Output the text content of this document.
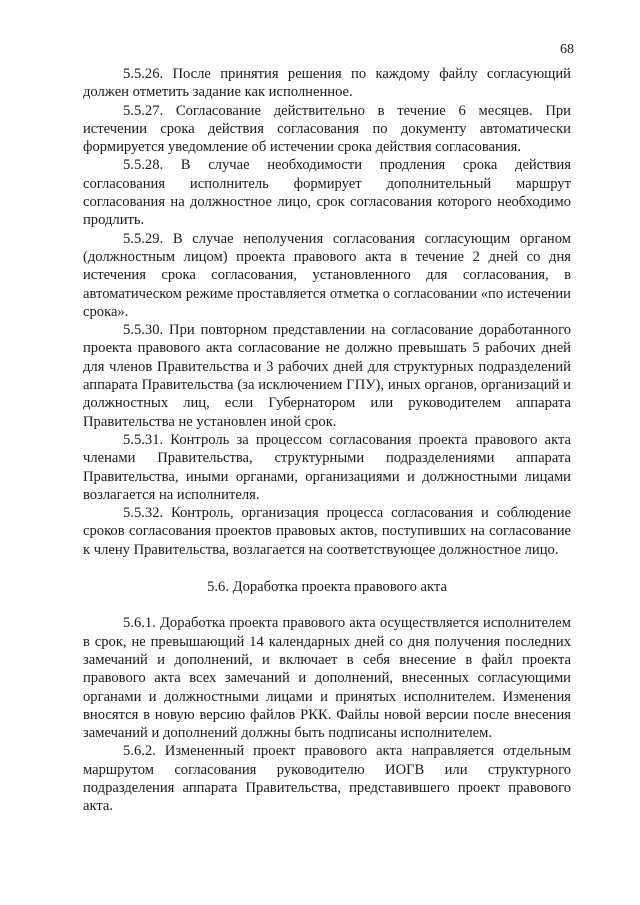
68

5.5.26. После принятия решения по каждому файлу согласующий должен отметить задание как исполненное.

5.5.27. Согласование действительно в течение 6 месяцев. При истечении срока действия согласования по документу автоматически формируется уведомление об истечении срока действия согласования.

5.5.28. В случае необходимости продления срока действия согласования исполнитель формирует дополнительный маршрут согласования на должностное лицо, срок согласования которого необходимо продлить.

5.5.29. В случае неполучения согласования согласующим органом (должностным лицом) проекта правового акта в течение 2 дней со дня истечения срока согласования, установленного для согласования, в автоматическом режиме проставляется отметка о согласовании «по истечении срока».

5.5.30. При повторном представлении на согласование доработанного проекта правового акта согласование не должно превышать 5 рабочих дней для членов Правительства и 3 рабочих дней для структурных подразделений аппарата Правительства (за исключением ГПУ), иных органов, организаций и должностных лиц, если Губернатором или руководителем аппарата Правительства не установлен иной срок.

5.5.31. Контроль за процессом согласования проекта правового акта членами Правительства, структурными подразделениями аппарата Правительства, иными органами, организациями и должностными лицами возлагается на исполнителя.

5.5.32. Контроль, организация процесса согласования и соблюдение сроков согласования проектов правовых актов, поступивших на согласование к члену Правительства, возлагается на соответствующее должностное лицо.

5.6. Доработка проекта правового акта

5.6.1. Доработка проекта правового акта осуществляется исполнителем в срок, не превышающий 14 календарных дней со дня получения последних замечаний и дополнений, и включает в себя внесение в файл проекта правового акта всех замечаний и дополнений, внесенных согласующими органами и должностными лицами и принятых исполнителем. Изменения вносятся в новую версию файлов РКК. Файлы новой версии после внесения замечаний и дополнений должны быть подписаны исполнителем.

5.6.2. Измененный проект правового акта направляется отдельным маршрутом согласования руководителю ИОГВ или структурного подразделения аппарата Правительства, представившего проект правового акта.
